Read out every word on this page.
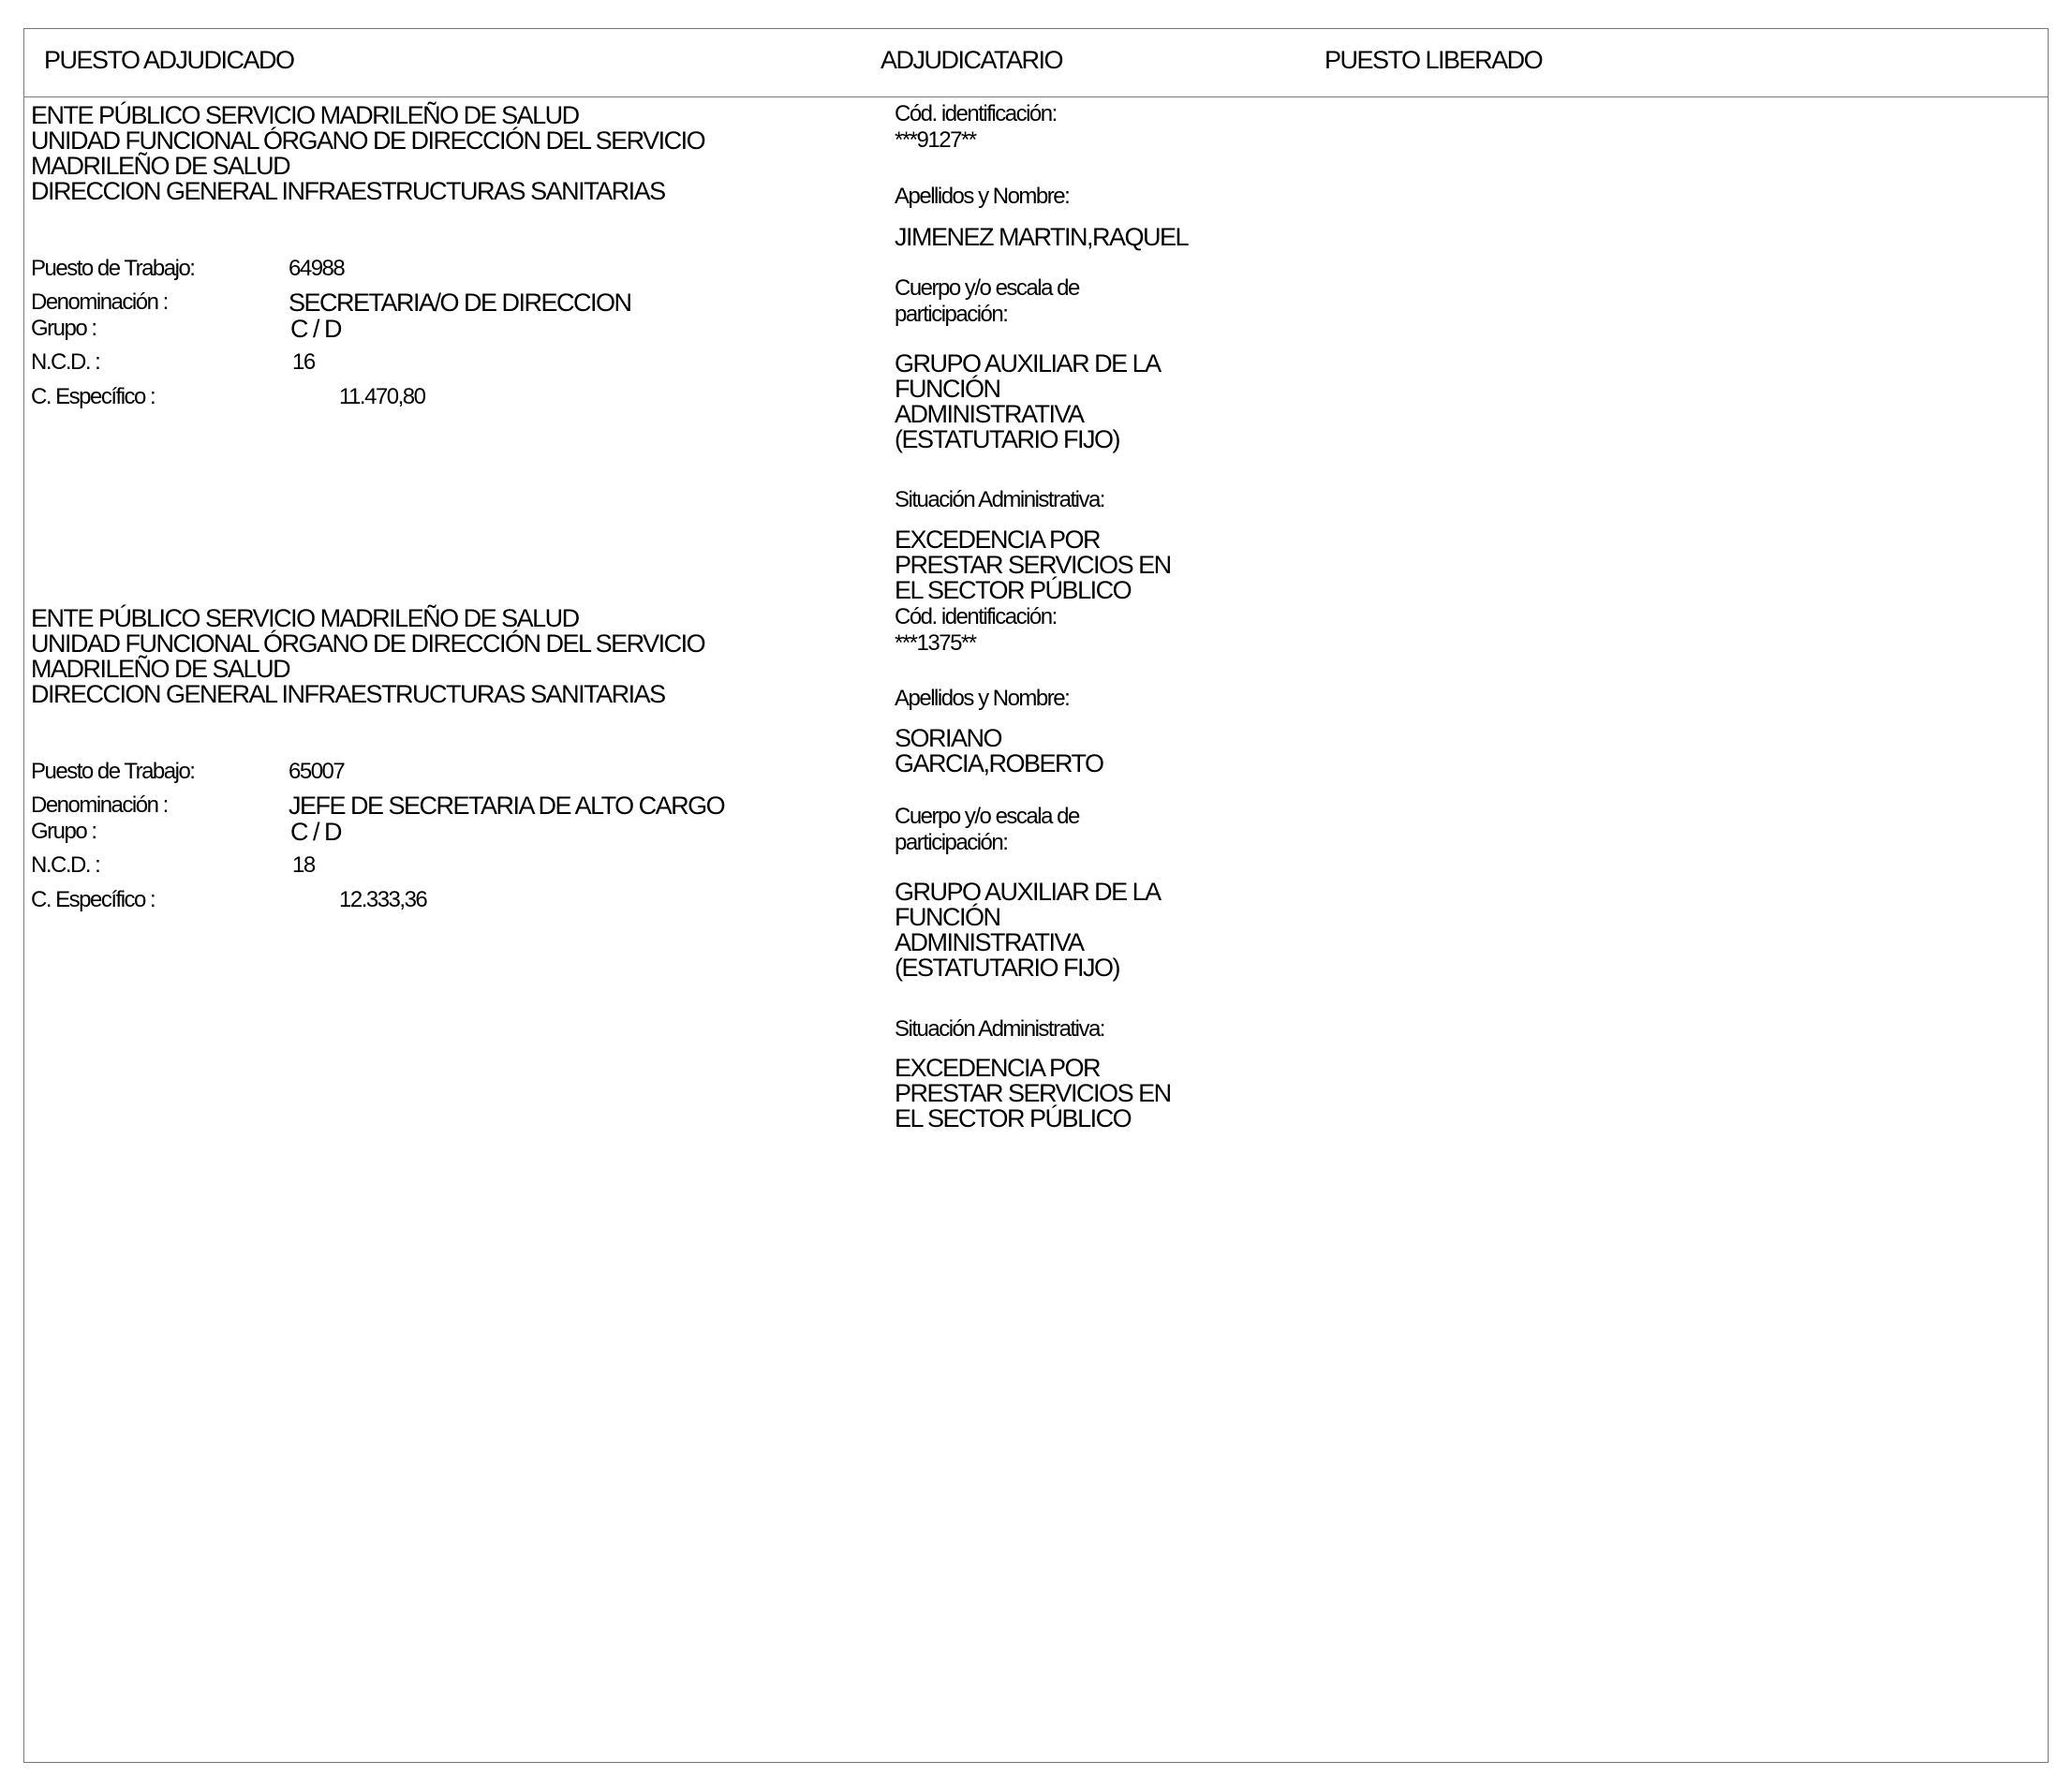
PUESTO ADJUDICADO	ADJUDICATARIO	PUESTO LIBERADO
ENTE PÚBLICO SERVICIO MADRILEÑO DE SALUD
UNIDAD FUNCIONAL ÓRGANO DE DIRECCIÓN DEL SERVICIO
MADRILEÑO DE SALUD
DIRECCION GENERAL INFRAESTRUCTURAS SANITARIAS
Puesto de Trabajo:	64988
Denominación :	SECRETARIA/O DE DIRECCION
Grupo :	C / D
N.C.D. :	16
C. Específico :	11.470,80
Cód. identificación:
***9127**
Apellidos y Nombre:
JIMENEZ MARTIN,RAQUEL
Cuerpo y/o escala de
participación:
GRUPO AUXILIAR DE LA
FUNCIÓN
ADMINISTRATIVA
(ESTATUTARIO FIJO)
Situación Administrativa:
EXCEDENCIA POR
PRESTAR SERVICIOS EN
EL SECTOR PÚBLICO
ENTE PÚBLICO SERVICIO MADRILEÑO DE SALUD
UNIDAD FUNCIONAL ÓRGANO DE DIRECCIÓN DEL SERVICIO
MADRILEÑO DE SALUD
DIRECCION GENERAL INFRAESTRUCTURAS SANITARIAS
Puesto de Trabajo:	65007
Denominación :	JEFE DE SECRETARIA DE ALTO CARGO
Grupo :	C / D
N.C.D. :	18
C. Específico :	12.333,36
Cód. identificación:
***1375**
Apellidos y Nombre:
SORIANO
GARCIA,ROBERTO
Cuerpo y/o escala de
participación:
GRUPO AUXILIAR DE LA
FUNCIÓN
ADMINISTRATIVA
(ESTATUTARIO FIJO)
Situación Administrativa:
EXCEDENCIA POR
PRESTAR SERVICIOS EN
EL SECTOR PÚBLICO
